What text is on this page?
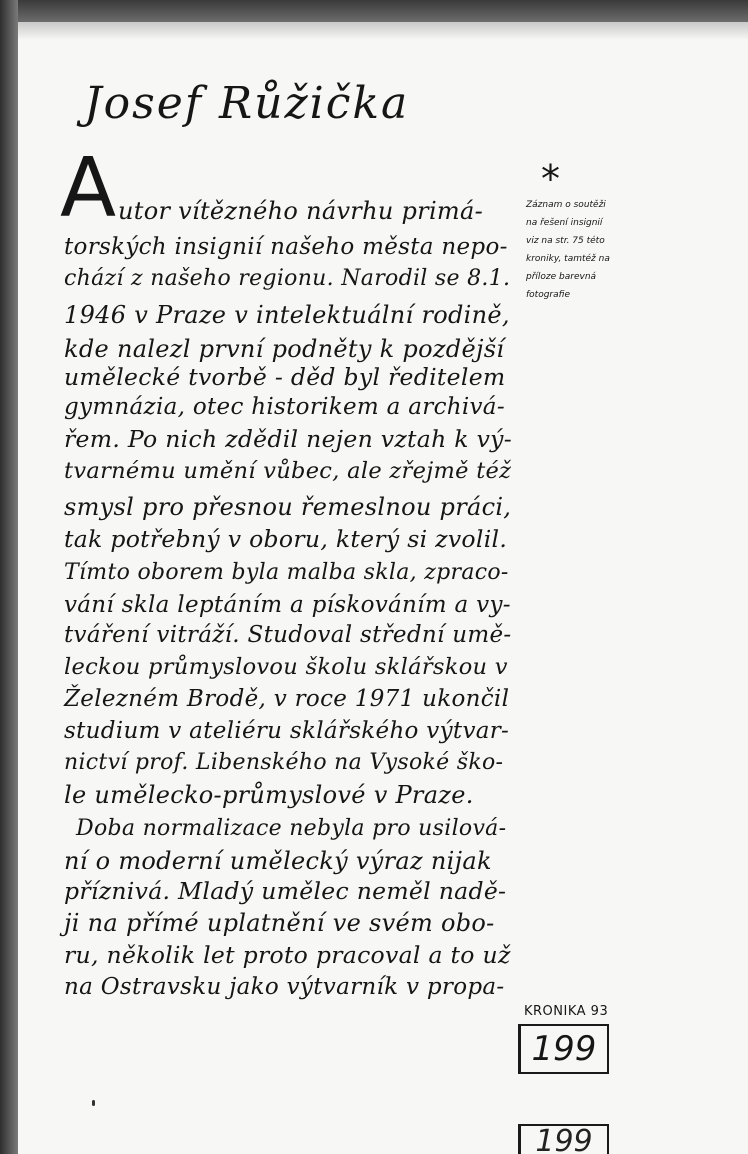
Josef Růžička
A utor vítězného návrhu primá-
torských insignií našeho města nepo-
chází z našeho regionu. Narodil se 8.1.
1946 v Praze v intelektuální rodině,
kde nalezl první podněty k pozdější
umělecké tvorbě - děd byl ředitelem
gymnázia, otec historikem a archivá-
řem. Po nich zdědil nejen vztah k vý-
tvarnému umění vůbec, ale zřejmě též
smysl pro přesnou řemeslnou práci,
tak potřebný v oboru, který si zvolil.
Tímto oborem byla malba skla, zpraco-
vání skla leptáním a pískováním a vy-
tváření vitráží. Studoval střední umě-
leckou průmyslovou školu sklářskou v
Železném Brodě, v roce 1971 ukončil
studium v ateliéru sklářského výtvar-
nictví prof. Libenského na Vysoké ško-
le umělecko-průmyslové v Praze.
Doba normalizace nebyla pro usilová-
ní o moderní umělecký výraz nijak
příznivá. Mladý umělec neměl nadě-
ji na přímé uplatnění ve svém obo-
ru, několik let proto pracoval a to už
na Ostravsku jako výtvarník v propa-
*
Záznam o soutěži
na řešení insignií
viz na str. 75 této
kroniky, tamtéž na
příloze barevná
fotografie
KRONIKA 93
199
199
